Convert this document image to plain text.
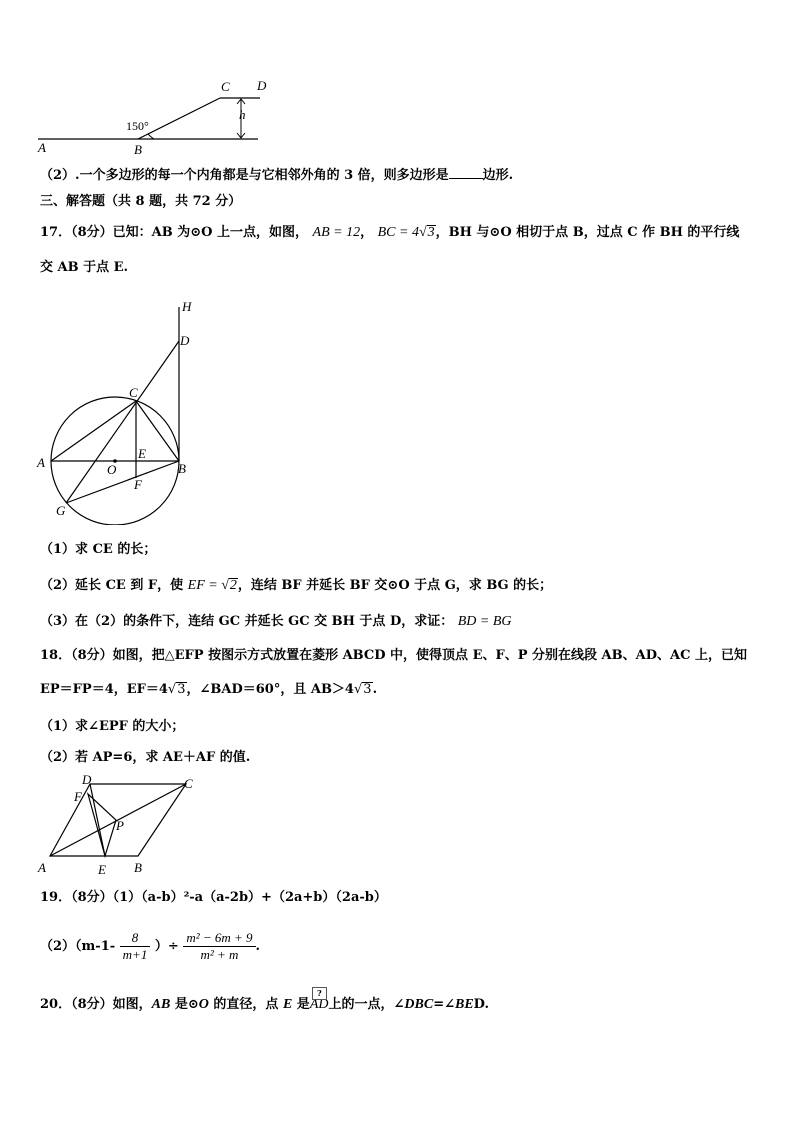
A	B
C D
h
150°
（2）.一个多边形的每一个内角都是与它相邻外角的 3 倍，则多边形是	边形.
三、解答题（共 8 题，共 72 分）
17．（8分）已知：AB 为⊙O 上一点，如图， AB = 12， BC = 4√3，BH 与⊙O 相切于点 B，过点 C 作 BH 的平行线
交 AB 于点 E.
H
D
C
A
E
O	B
F
G
（1）求 CE 的长；
（2）延长 CE 到 F，使 EF = √2，连结 BF 并延长 BF 交⊙O 于点 G，求 BG 的长；
（3）在（2）的条件下，连结 GC 并延长 GC 交 BH 于点 D，求证： BD = BG
18．（8分）如图，把△EFP 按图示方式放置在菱形 ABCD 中，使得顶点 E、F、P 分别在线段 AB、AD、AC 上，已知
EP＝FP＝4，EF＝4√3，∠BAD＝60°，且 AB＞4√3.
（1）求∠EPF 的大小；
（2）若 AP=6，求 AE＋AF 的值.
D	C
F
P
A	E B
19．（8分）（1）（a-b）²-a（a-2b）+（2a+b）（2a-b）
$(2)(m-1- \frac{8}{m+1}$ ）÷ $\frac{\text{m² − 6m + 9}}{\text{m² + m}}$ .
20．（8分）如图，AB 是⊙O 的直径，点 E 是
?
AD上的一点，∠DBC=∠BED.
